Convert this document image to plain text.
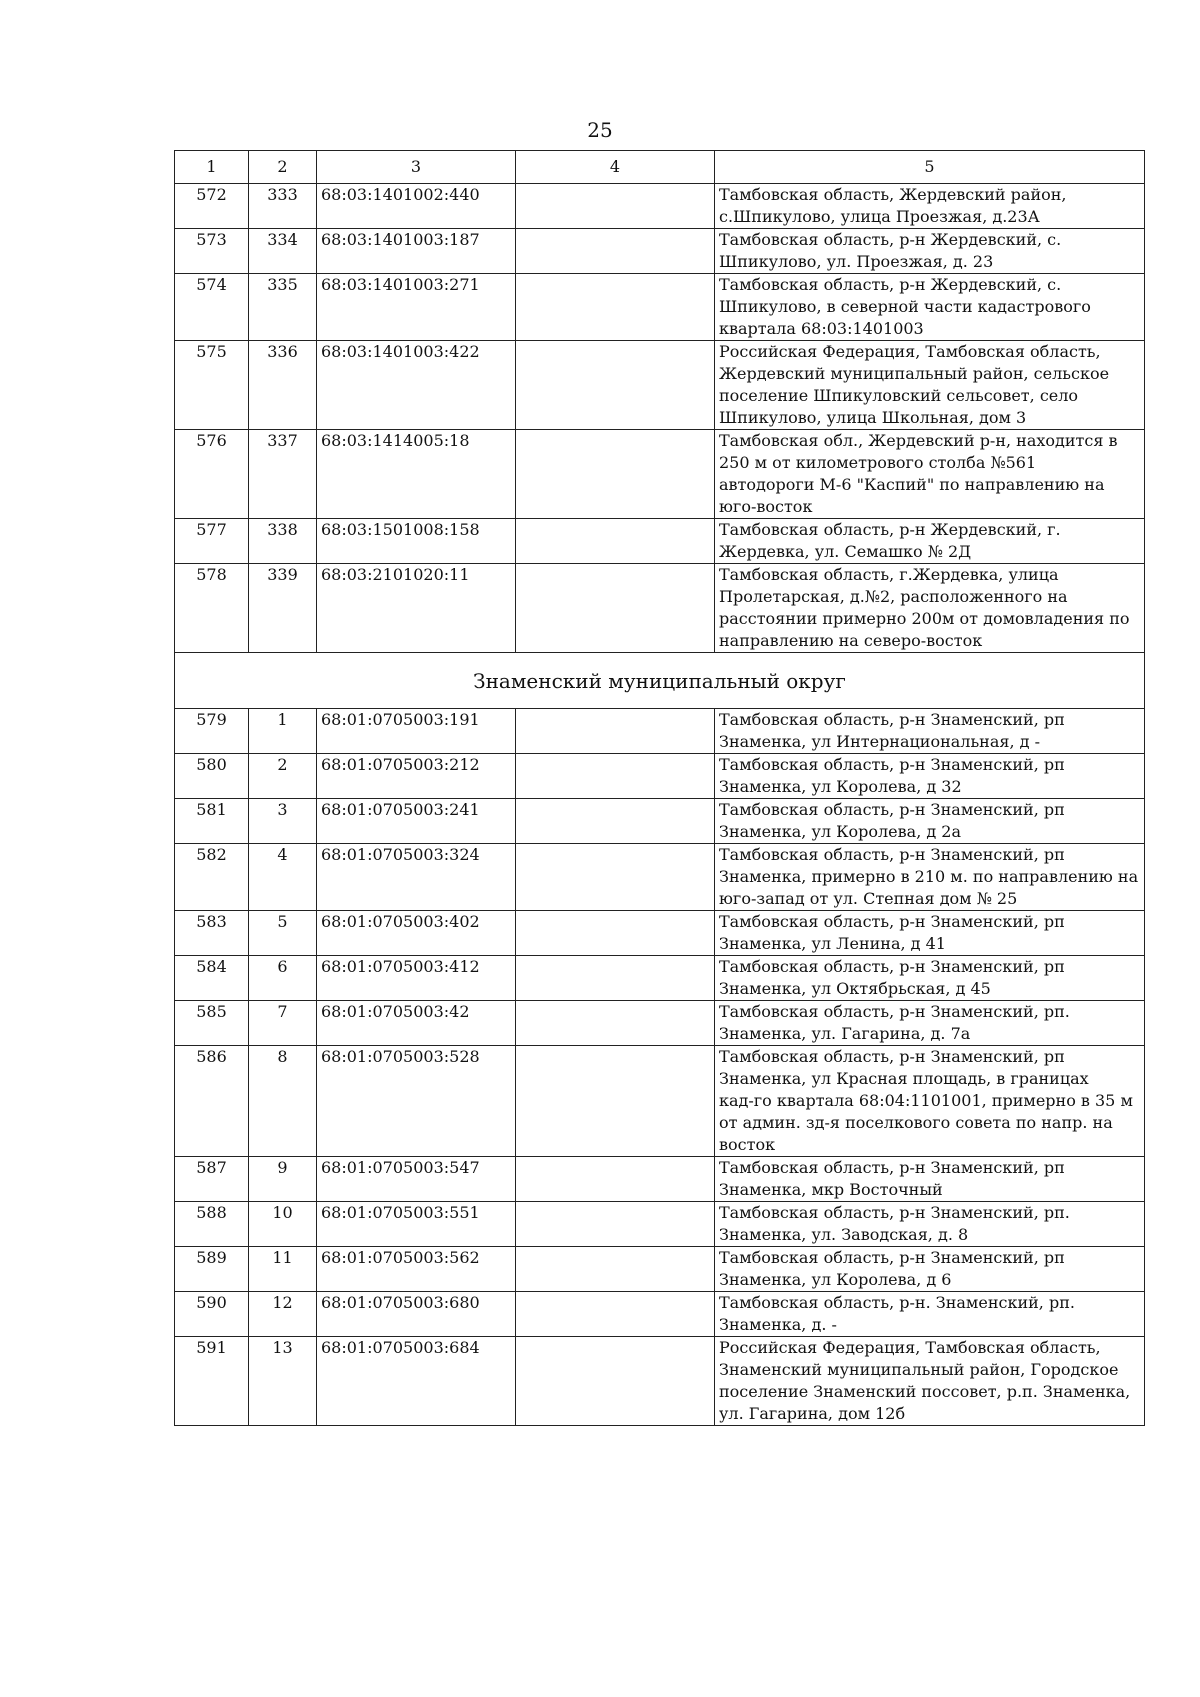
25
1	2	3	4	5
572	333	68:03:1401002:440		Тамбовская область, Жердевский район,
с.Шпикулово, улица Проезжая, д.23А

573	334	68:03:1401003:187		Тамбовская область, р-н Жердевский, с.
Шпикулово, ул. Проезжая, д. 23

574	335	68:03:1401003:271		Тамбовская область, р-н Жердевский, с.
Шпикулово, в северной части кадастрового
квартала 68:03:1401003

575	336	68:03:1401003:422		Российская Федерация, Тамбовская область,
Жердевский муниципальный район, сельское
поселение Шпикуловский сельсовет, село
Шпикулово, улица Школьная, дом 3

576	337	68:03:1414005:18		Тамбовская обл., Жердевский р-н, находится в
250 м от километрового столба №561
автодороги М-6 "Каспий" по направлению на
юго-восток

577	338	68:03:1501008:158		Тамбовская область, р-н Жердевский, г.
Жердевка, ул. Семашко № 2Д

578	339	68:03:2101020:11		Тамбовская область, г.Жердевка, улица
Пролетарская, д.№2, расположенного на
расстоянии примерно 200м от домовладения по
направлению на северо-восток

Знаменский муниципальный округ				
579	1	68:01:0705003:191		Тамбовская область, р-н Знаменский, рп
Знаменка, ул Интернациональная, д -

580	2	68:01:0705003:212		Тамбовская область, р-н Знаменский, рп
Знаменка, ул Королева, д 32

581	3	68:01:0705003:241		Тамбовская область, р-н Знаменский, рп
Знаменка, ул Королева, д 2а

582	4	68:01:0705003:324		Тамбовская область, р-н Знаменский, рп
Знаменка, примерно в 210 м. по направлению на
юго-запад от ул. Степная дом № 25

583	5	68:01:0705003:402		Тамбовская область, р-н Знаменский, рп
Знаменка, ул Ленина, д 41

584	6	68:01:0705003:412		Тамбовская область, р-н Знаменский, рп
Знаменка, ул Октябрьская, д 45

585	7	68:01:0705003:42		Тамбовская область, р-н Знаменский, рп.
Знаменка, ул. Гагарина, д. 7а

586	8	68:01:0705003:528		Тамбовская область, р-н Знаменский, рп
Знаменка, ул Красная площадь, в границах
кад-го квартала 68:04:1101001, примерно в 35 м
от админ. зд-я поселкового совета по напр. на
восток

587	9	68:01:0705003:547		Тамбовская область, р-н Знаменский, рп
Знаменка, мкр Восточный

588	10	68:01:0705003:551		Тамбовская область, р-н Знаменский, рп.
Знаменка, ул. Заводская, д. 8

589	11	68:01:0705003:562		Тамбовская область, р-н Знаменский, рп
Знаменка, ул Королева, д 6

590	12	68:01:0705003:680		Тамбовская область, р-н. Знаменский, рп.
Знаменка, д. -

591	13	68:01:0705003:684		Российская Федерация, Тамбовская область,
Знаменский муниципальный район, Городское
поселение Знаменский поссовет, р.п. Знаменка,
ул. Гагарина, дом 12б
